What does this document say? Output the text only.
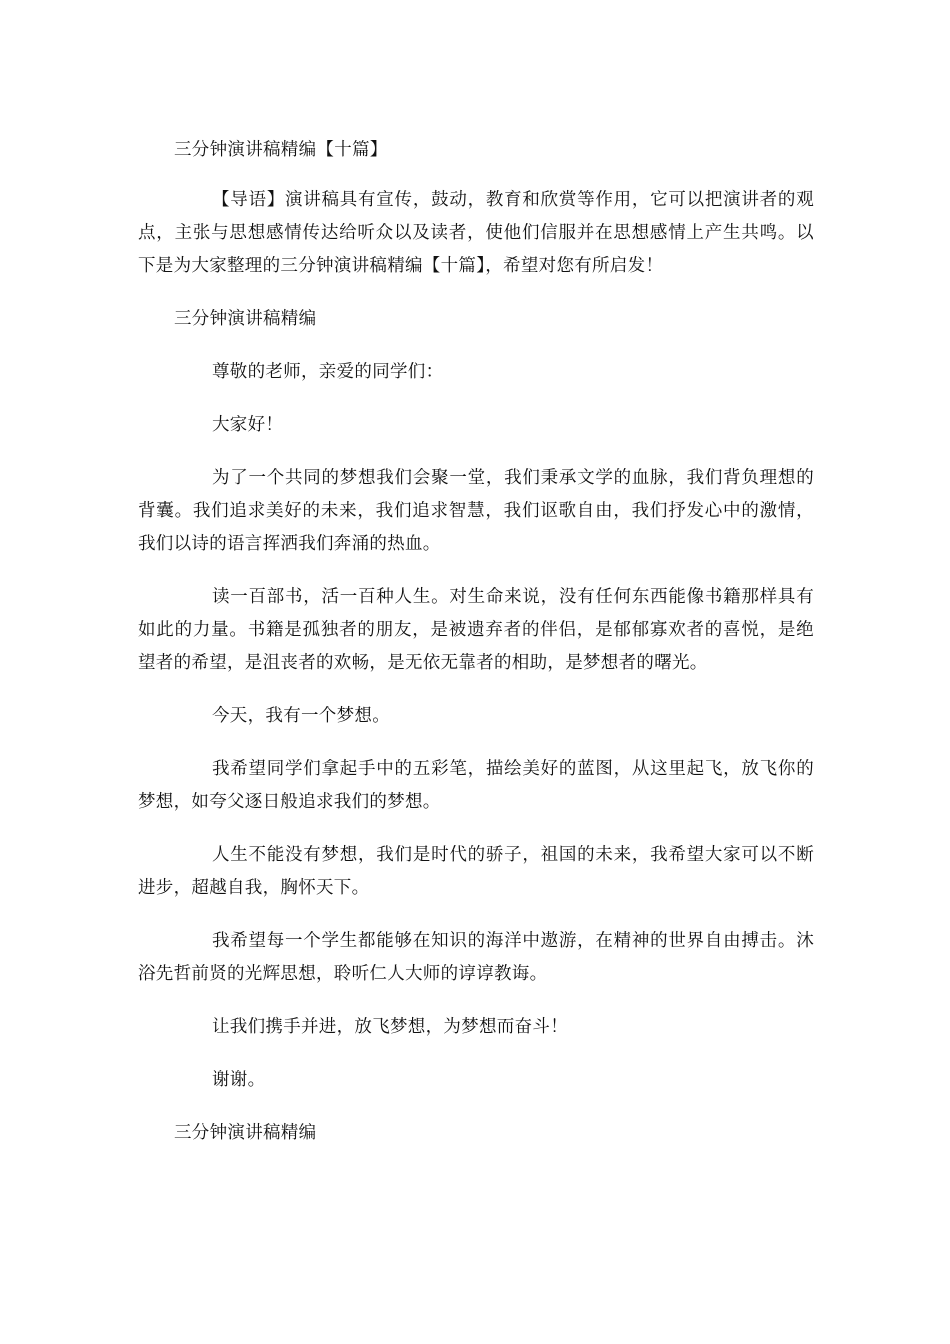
三分钟演讲稿精编【十篇】

【导语】演讲稿具有宣传，鼓动，教育和欣赏等作用，它可以把演讲者的观点，主张与思想感情传达给听众以及读者，使他们信服并在思想感情上产生共鸣。以下是为大家整理的三分钟演讲稿精编【十篇】，希望对您有所启发！

三分钟演讲稿精编

尊敬的老师，亲爱的同学们：

大家好！

为了一个共同的梦想我们会聚一堂，我们秉承文学的血脉，我们背负理想的背囊。我们追求美好的未来，我们追求智慧，我们讴歌自由，我们抒发心中的激情，我们以诗的语言挥洒我们奔涌的热血。

读一百部书，活一百种人生。对生命来说，没有任何东西能像书籍那样具有如此的力量。书籍是孤独者的朋友，是被遗弃者的伴侣，是郁郁寡欢者的喜悦，是绝望者的希望，是沮丧者的欢畅，是无依无靠者的相助，是梦想者的曙光。

今天，我有一个梦想。

我希望同学们拿起手中的五彩笔，描绘美好的蓝图，从这里起飞，放飞你的梦想，如夸父逐日般追求我们的梦想。

人生不能没有梦想，我们是时代的骄子，祖国的未来，我希望大家可以不断进步，超越自我，胸怀天下。

我希望每一个学生都能够在知识的海洋中遨游，在精神的世界自由搏击。沐浴先哲前贤的光辉思想，聆听仁人大师的谆谆教诲。

让我们携手并进，放飞梦想，为梦想而奋斗！

谢谢。

三分钟演讲稿精编
